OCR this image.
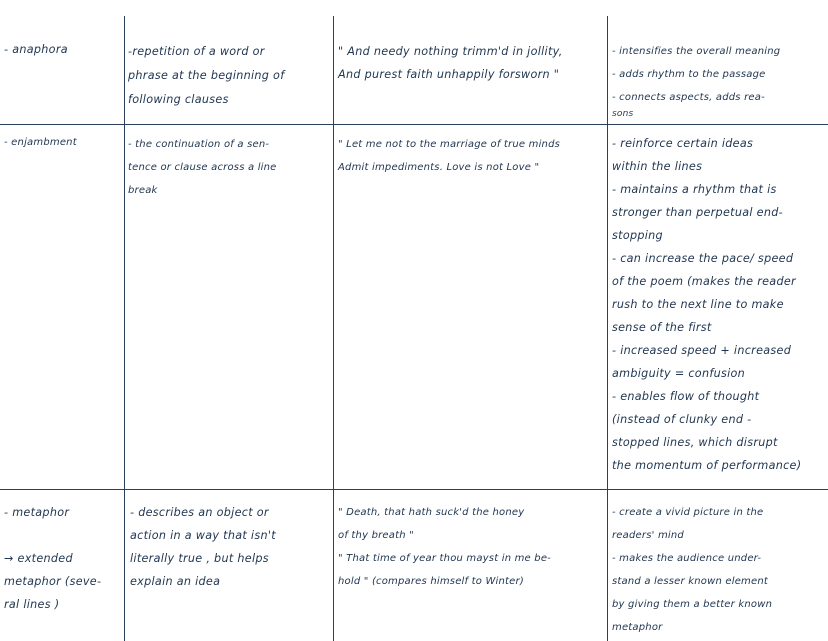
- anaphora	-repetition of a word or
phrase at the beginning of
following clauses
" And needy nothing trimm'd in jollity,
And purest faith unhappily forsworn "
- intensifies the overall meaning
- adds rhythm to the passage
- connects aspects, adds rea-
sons
- enjambment	- the continuation of a sen-
tence or clause across a line
break
" Let me not to the marriage of true minds
Admit impediments. Love is not Love "
- reinforce certain ideas
within the lines
- maintains a rhythm that is
stronger than perpetual end-
stopping
- can increase the pace/ speed
of the poem (makes the reader
rush to the next line to make
sense of the first
- increased speed + increased
ambiguity = confusion
- enables flow of thought
(instead of clunky end -
stopped lines, which disrupt
the momentum of performance)
- metaphor

→ extended
metaphor (seve-
ral lines )
- describes an object or
action in a way that isn't
literally true , but helps
explain an idea
" Death, that hath suck'd the honey
of thy breath "
" That time of year thou mayst in me be-
hold " (compares himself to Winter)
- create a vivid picture in the
readers' mind
- makes the audience under-
stand a lesser known element
by giving them a better known
metaphor
